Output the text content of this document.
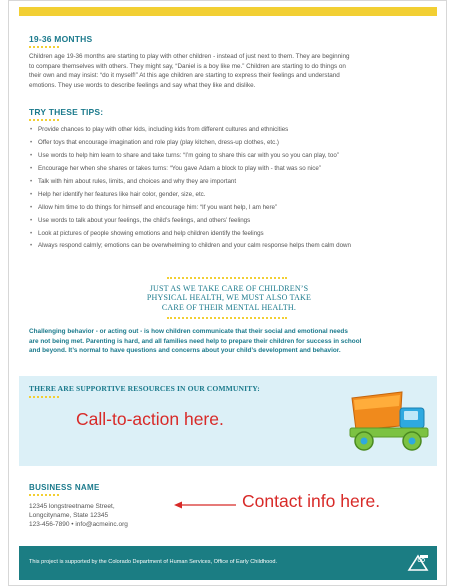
19-36 MONTHS
Children age 19-36 months are starting to play with other children - instead of just next to them. They are beginning
to compare themselves with others. They might say, “Daniel is a boy like me.” Children are starting to do things on
their own and may insist: “do it myself!” At this age children are starting to express their feelings and understand
emotions. They use words to describe feelings and say what they like and dislike.
TRY THESE TIPS:
• Provide chances to play with other kids, including kids from different cultures and ethnicities
• Offer toys that encourage imagination and role play (play kitchen, dress-up clothes, etc.)
• Use words to help him learn to share and take turns: “I’m going to share this car with you so you can play, too”
• Encourage her when she shares or takes turns: “You gave Adam a block to play with - that was so nice”
• Talk with him about rules, limits, and choices and why they are important
• Help her identify her features like hair color, gender, size, etc.
• Allow him time to do things for himself and encourage him: “If you want help, I am here”
• Use words to talk about your feelings, the child’s feelings, and others’ feelings
• Look at pictures of people showing emotions and help children identify the feelings
• Always respond calmly; emotions can be overwhelming to children and your calm response helps them calm down
JUST AS WE TAKE CARE OF CHILDREN’S
PHYSICAL HEALTH, WE MUST ALSO TAKE
CARE OF THEIR MENTAL HEALTH.
Challenging behavior - or acting out - is how children communicate that their social and emotional needs
are not being met. Parenting is hard, and all families need help to prepare their children for success in school
and beyond. It’s normal to have questions and concerns about your child’s development and behavior.
THERE ARE SUPPORTIVE RESOURCES IN OUR COMMUNITY:
Call-to-action here.
BUSINESS NAME
12345 longstreetname Street,
Longcityname, State 12345
123-456-7890 • info@acmeinc.org
Contact info here.
This project is supported by the Colorado Department of Human Services, Office of Early Childhood.	CO
